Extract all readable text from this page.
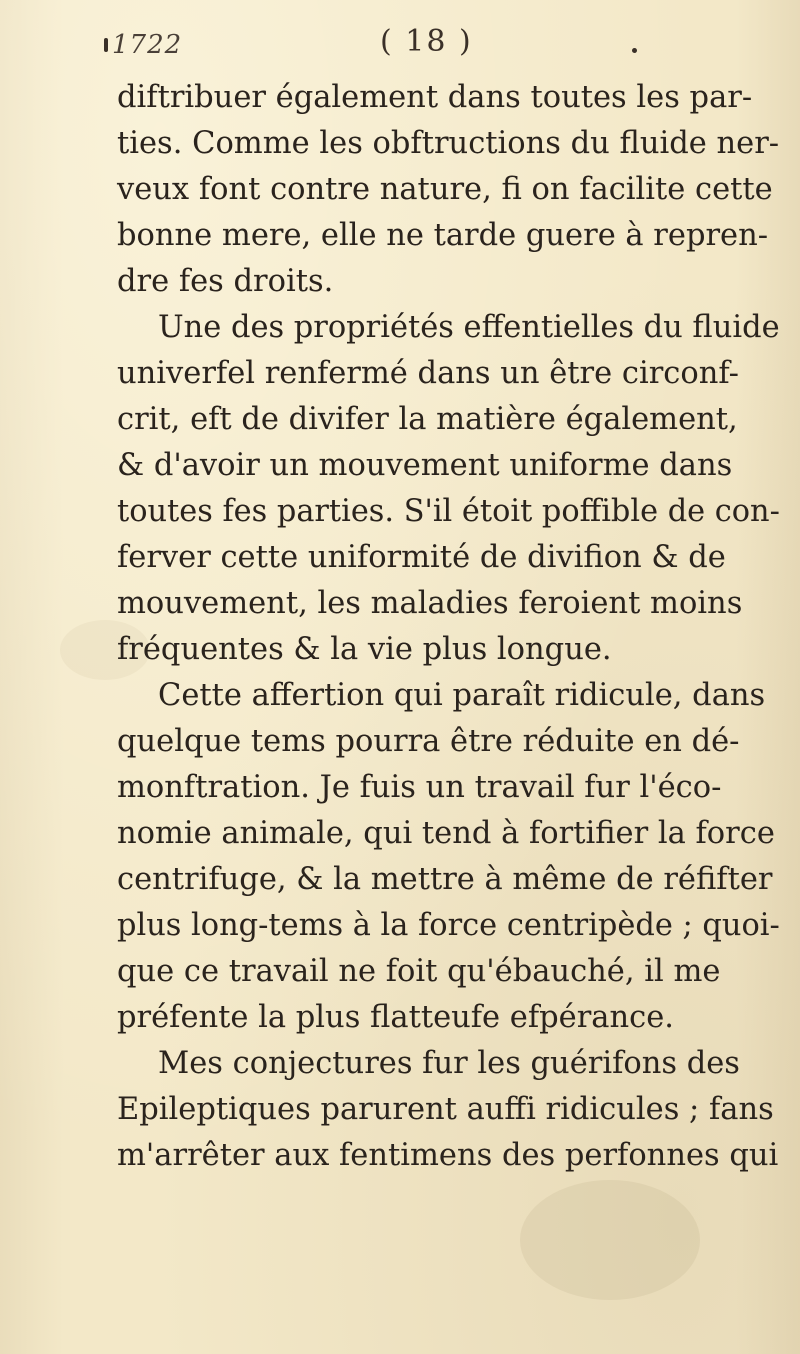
1722	( 18 )
diftribuer également dans toutes les par-
ties. Comme les obftructions du fluide ner-
veux font contre nature, fi on facilite cette
bonne mere, elle ne tarde guere à repren-
dre fes droits.
Une des propriétés effentielles du fluide
univerfel renfermé dans un être circonf-
crit, eft de divifer la matière également,
& d'avoir un mouvement uniforme dans
toutes fes parties. S'il étoit poffible de con-
ferver cette uniformité de divifion & de
mouvement, les maladies feroient moins
fréquentes & la vie plus longue.
Cette affertion qui paraît ridicule, dans
quelque tems pourra être réduite en dé-
monftration. Je fuis un travail fur l'éco-
nomie animale, qui tend à fortifier la force
centrifuge, & la mettre à même de réfifter
plus long-tems à la force centripède ; quoi-
que ce travail ne foit qu'ébauché, il me
préfente la plus flatteufe efpérance.
Mes conjectures fur les guérifons des
Epileptiques parurent auffi ridicules ; fans
m'arrêter aux fentimens des perfonnes qui
